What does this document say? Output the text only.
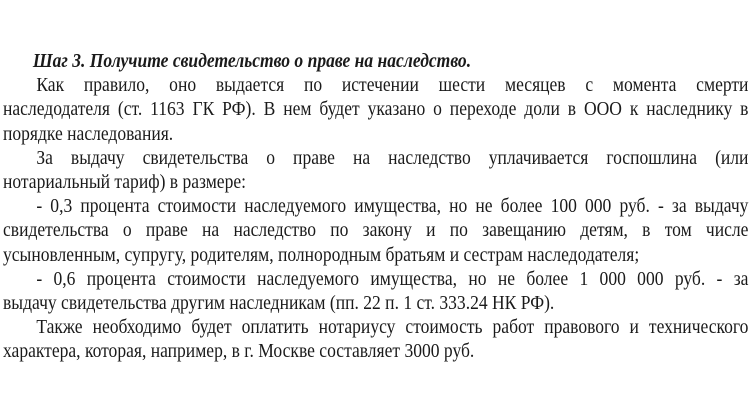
Шаг 3. Получите свидетельство о праве на наследство.
Как правило, оно выдается по истечении шести месяцев с момента смерти
наследодателя (ст. 1163 ГК РФ). В нем будет указано о переходе доли в ООО к наследнику в
порядке наследования.
За выдачу свидетельства о праве на наследство уплачивается госпошлина (или
нотариальный тариф) в размере:
- 0,3 процента стоимости наследуемого имущества, но не более 100 000 руб. - за выдачу
свидетельства о праве на наследство по закону и по завещанию детям, в том числе
усыновленным, супругу, родителям, полнородным братьям и сестрам наследодателя;
- 0,6 процента стоимости наследуемого имущества, но не более 1 000 000 руб. - за
выдачу свидетельства другим наследникам (пп. 22 п. 1 ст. 333.24 НК РФ).
Также необходимо будет оплатить нотариусу стоимость работ правового и технического
характера, которая, например, в г. Москве составляет 3000 руб.
